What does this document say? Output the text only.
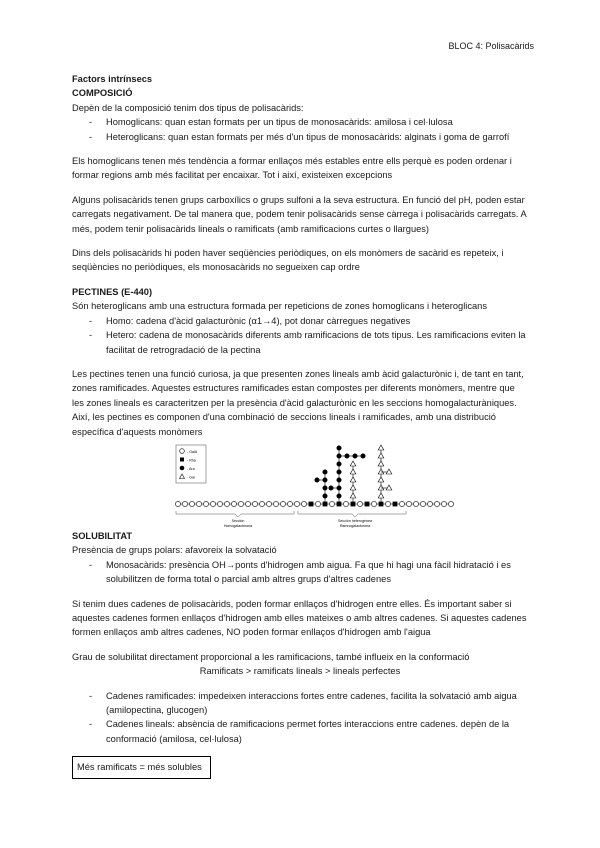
BLOC 4: Polisacàrids

Factors intrínsecs

COMPOSICIÓ

Depèn de la composició tenim dos tipus de polisacàrids:

- Homoglicans: quan estan formats per un tipus de monosacàrids: amilosa i cel·lulosa
- Heteroglicans: quan estan formats per més d'un tipus de monosacàrids: alginats i goma de garrofí

Els homoglicans tenen més tendència a formar enllaços més estables entre ells perquè es poden ordenar i formar regions amb més facilitat per encaixar. Tot i així, existeixen excepcions

Alguns polisacàrids tenen grups carboxílics o grups sulfoni a la seva estructura. En funció del pH, poden estar carregats negativament. De tal manera que, podem tenir polisacàrids sense càrrega i polisacàrids carregats. A més, podem tenir polisacàrids lineals o ramificats (amb ramificacions curtes o llargues)

Dins dels polisacàrids hi poden haver seqüències periòdiques, on els monòmers de sacàrid es repeteix, i seqüències no periòdiques, els monosacàrids no segueixen cap ordre

PECTINES (E-440)

Són heteroglicans amb una estructura formada per repeticions de zones homoglicans i heteroglicans

- Homo: cadena d'àcid galacturònic (α1→4), pot donar càrregues negatives
- Hetero: cadena de monosacàrids diferents amb ramificacions de tots tipus. Les ramificacions eviten la facilitat de retrogradació de la pectina

Les pectines tenen una funció curiosa, ja que presenten zones lineals amb àcid galacturònic i, de tant en tant, zones ramificades. Aquestes estructures ramificades estan compostes per diferents monòmers, mentre que les zones lineals es caracteritzen per la presència d'àcid galacturònic en les seccions homogalacturàniques. Així, les pectines es componen d'una combinació de seccions lineals i ramificades, amb una distribució específica d'aquests monòmers

- GalA
- Rha
- Ara
- Gal
Sección
Homogalacturona
Sección heterogénea
Ramnogalacturona

SOLUBILITAT

Presència de grups polars: afavoreix la solvatació

- Monosacàrids: presència OH→ponts d'hidrogen amb aigua. Fa que hi hagi una fàcil hidratació i es solubilitzen de forma total o parcial amb altres grups d'altres cadenes

Si tenim dues cadenes de polisacàrids, poden formar enllaços d'hidrogen entre elles. És important saber si aquestes cadenes formen enllaços d'hidrogen amb elles mateixes o amb altres cadenes. Si aquestes cadenes formen enllaços amb altres cadenes, NO poden formar enllaços d'hidrogen amb l'aigua

Grau de solubilitat directament proporcional a les ramificacions, també influeix en la conformació

Ramificats > ramificats lineals > lineals perfectes

- Cadenes ramificades: impedeixen interaccions fortes entre cadenes, facilita la solvatació amb aigua (amilopectina, glucogen)
- Cadenes lineals: absència de ramificacions permet fortes interaccions entre cadenes. depèn de la conformació (amilosa, cel·lulosa)
Més ramificats = més solubles
